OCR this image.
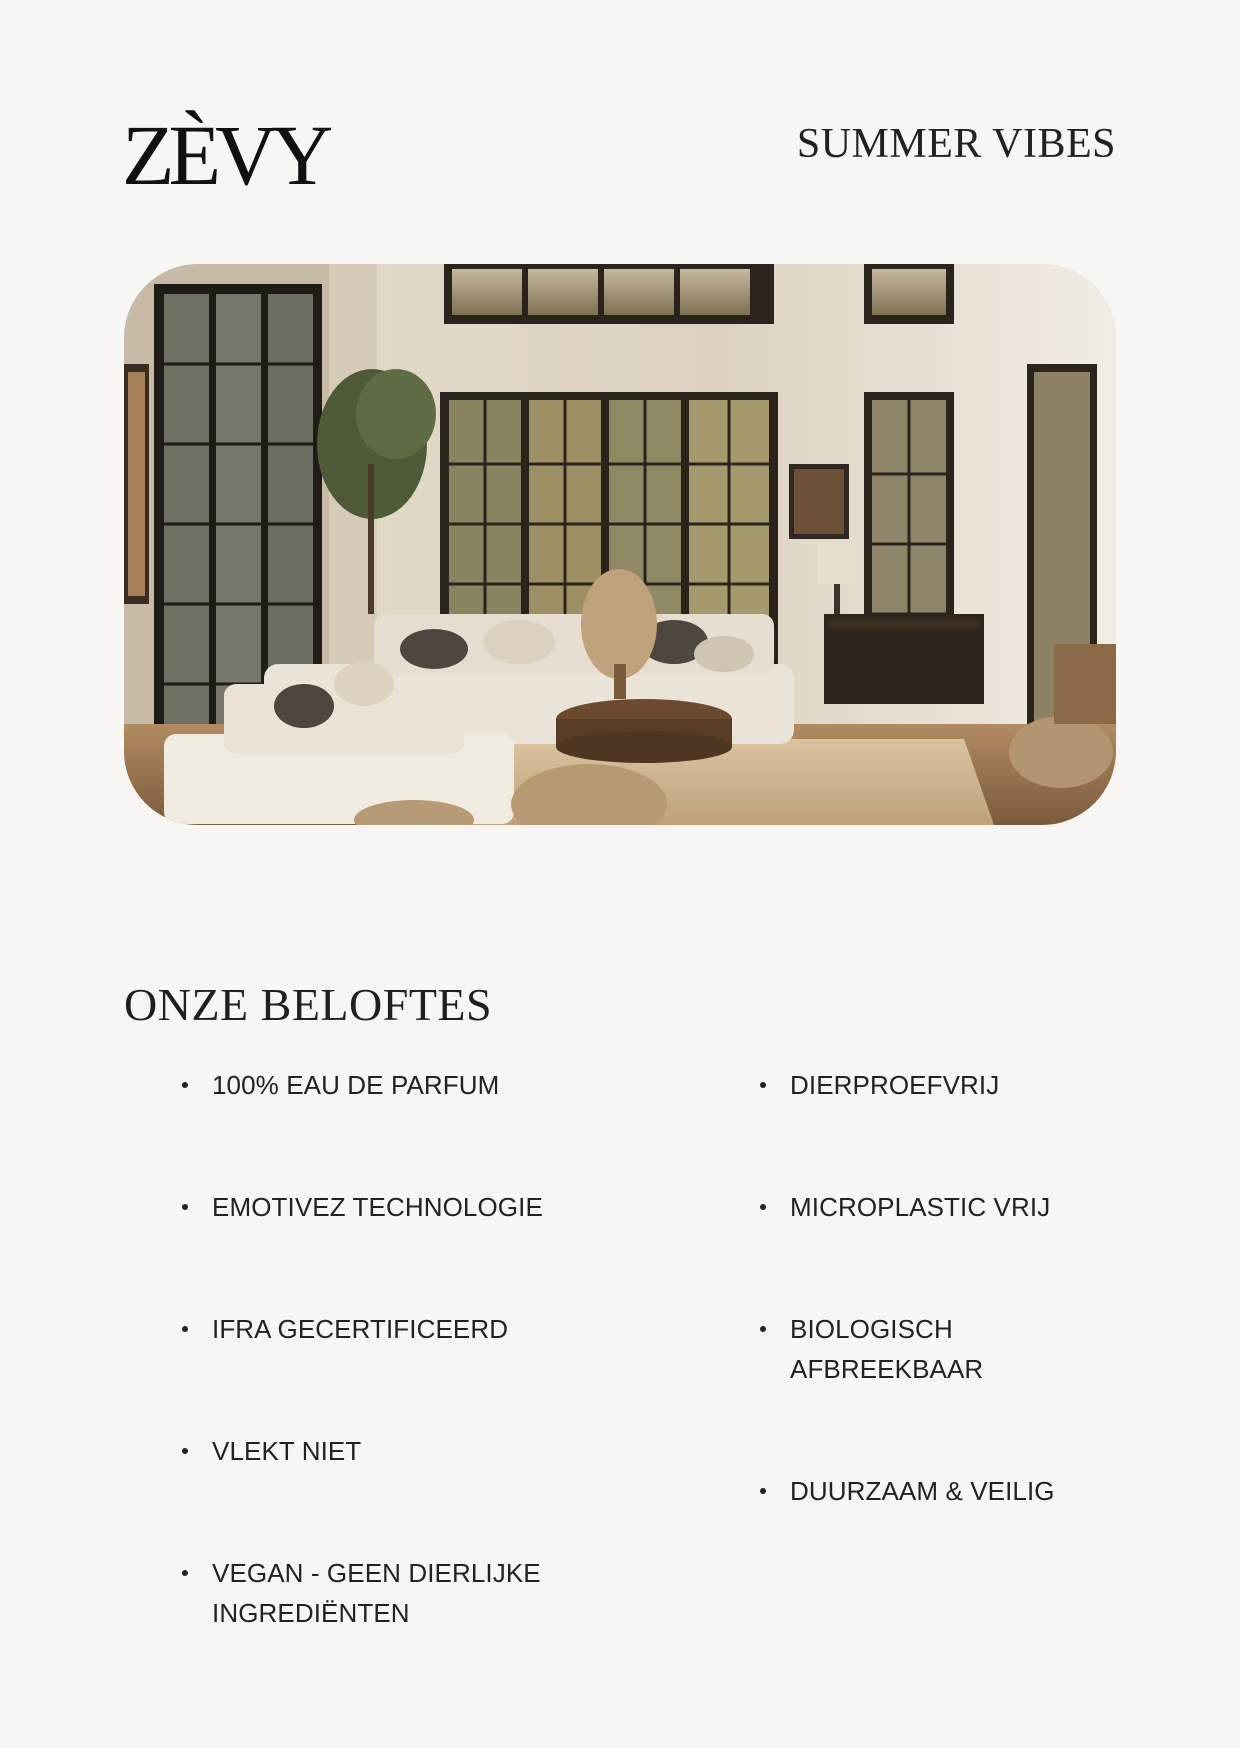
ZÈVY	SUMMER VIBES
ONZE BELOFTES
100% EAU DE PARFUM
EMOTIVEZ TECHNOLOGIE
IFRA GECERTIFICEERD
VLEKT NIET
VEGAN - GEEN DIERLIJKE INGREDIËNTEN
DIERPROEFVRIJ
MICROPLASTIC VRIJ
BIOLOGISCH AFBREEKBAAR
DUURZAAM & VEILIG
